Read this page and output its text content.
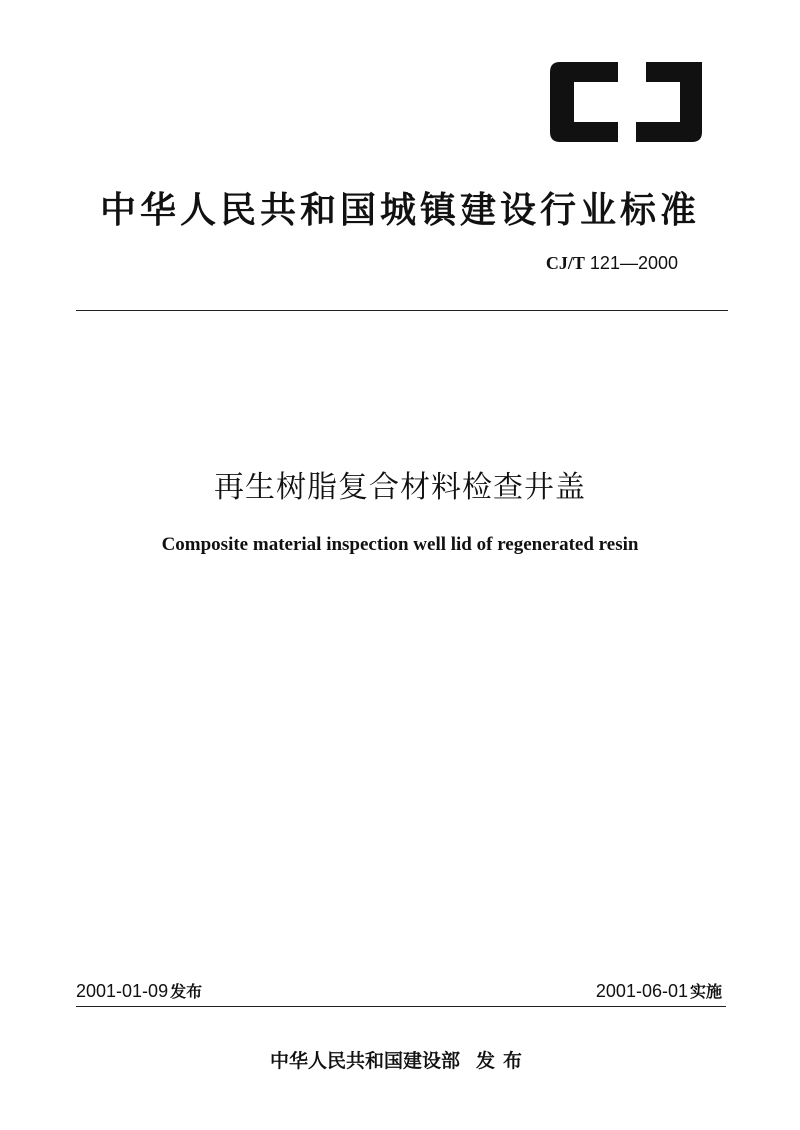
中华人民共和国城镇建设行业标准
CJ/T 121—2000
再生树脂复合材料检查井盖
Composite material inspection well lid of regenerated resin
2001-01-09 发布	2001-06-01 实施
中华人民共和国建设部 发布
